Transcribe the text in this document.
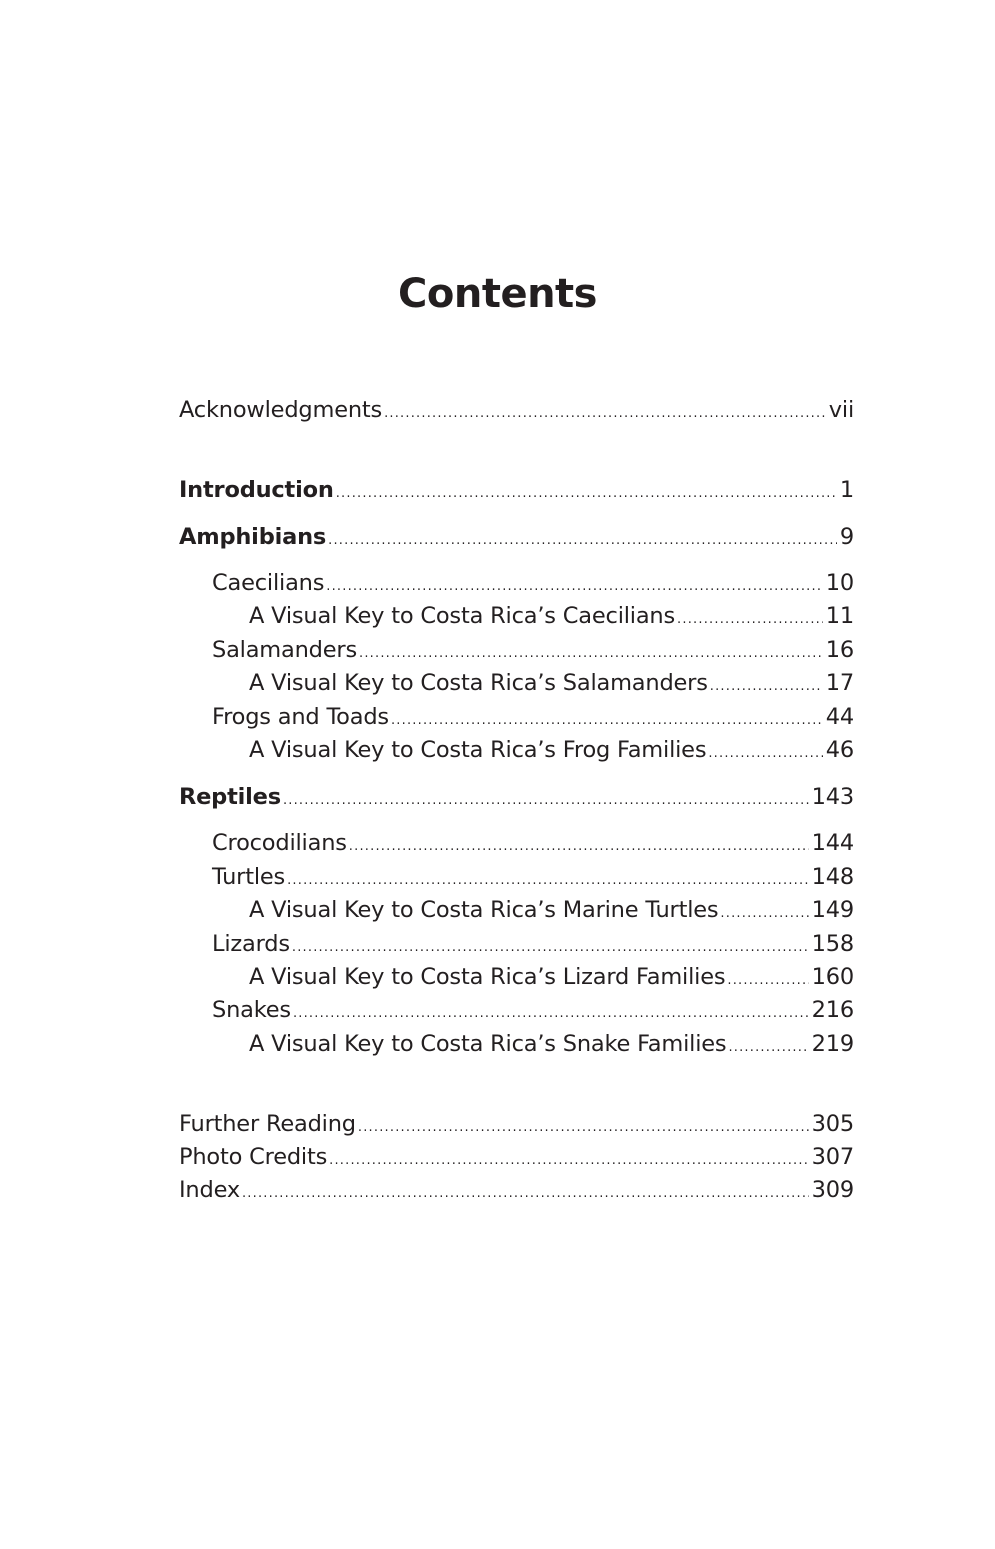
Contents
Acknowledgments .....	vii
Introduction .....	1
Amphibians .....	9
Caecilians .....	10
A Visual Key to Costa Rica’s Caecilians .....	11
Salamanders .....	16
A Visual Key to Costa Rica’s Salamanders .....	17
Frogs and Toads .....	44
A Visual Key to Costa Rica’s Frog Families .....	46
Reptiles .....	143
Crocodilians .....	144
Turtles .....	148
A Visual Key to Costa Rica’s Marine Turtles .....	149
Lizards .....	158
A Visual Key to Costa Rica’s Lizard Families .....	160
Snakes .....	216
A Visual Key to Costa Rica’s Snake Families .....	219
Further Reading .....	305
Photo Credits .....	307
Index .....	309
